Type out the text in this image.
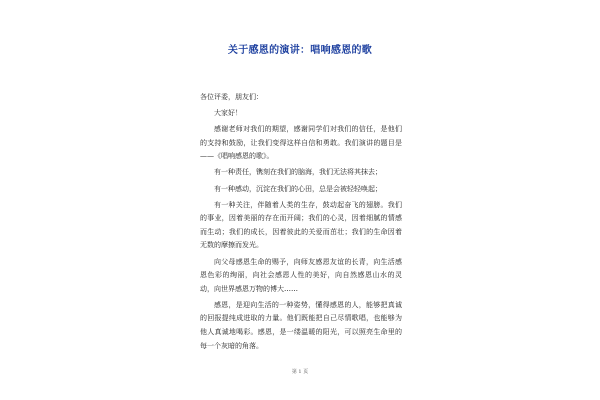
关于感恩的演讲：唱响感恩的歌

各位评委，朋友们：

大家好！

感谢老师对我们的期望，感谢同学们对我们的信任，是他们的支持和鼓励，让我们变得这样自信和勇敢。我们演讲的题目是——《唱响感恩的歌》。

有一种责任，镌刻在我们的脑海，我们无法将其抹去；

有一种感动，沉淀在我们的心田，总是会被轻轻唤起；

有一种关注，伴随着人类的生存，鼓动起奋飞的翅膀。我们的事业，因着美丽的存在而开阔；我们的心灵，因着细腻的情感而生动；我们的成长，因着彼此的关爱而茁壮；我们的生命因着无数的摩擦而发光。

向父母感恩生命的赐予，向师友感恩友谊的长青，向生活感恩色彩的绚丽，向社会感恩人性的美好，向自然感恩山水的灵动，向世界感恩万物的博大……

感恩，是迎向生活的一种姿势，懂得感恩的人，能够把真诚的回报提纯成进取的力量。他们既能把自己尽情歌唱，也能够为他人真诚地喝彩。感恩，是一缕温暖的阳光，可以照亮生命里的每一个灰暗的角落。

第 1 页
